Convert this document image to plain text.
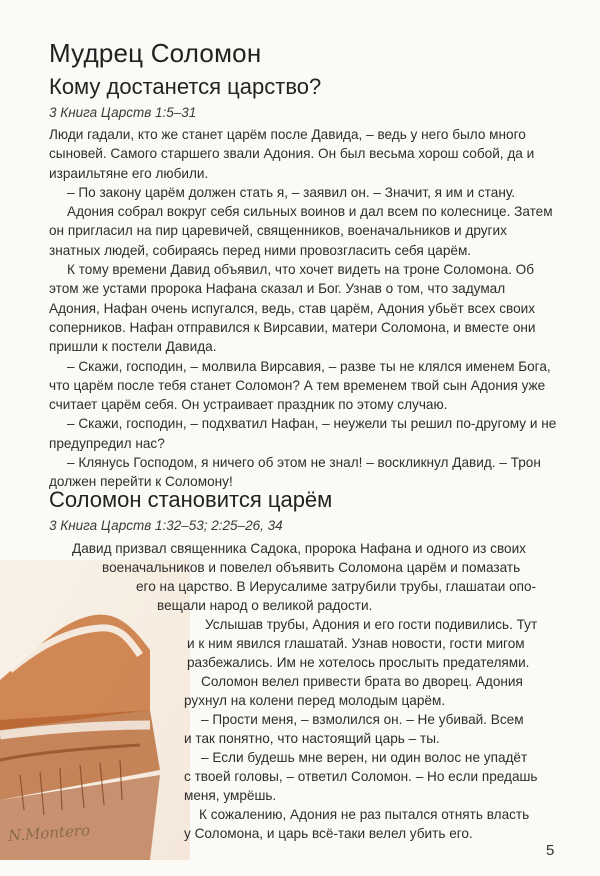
Мудрец Соломон
Кому достанется царство?
3 Книга Царств 1:5–31

Люди гадали, кто же станет царём после Давида, – ведь у него было много сыновей. Самого старшего звали Адония. Он был весьма хорош собой, да и израильтяне его любили.

– По закону царём должен стать я, – заявил он. – Значит, я им и стану.

Адония собрал вокруг себя сильных воинов и дал всем по колеснице. Затем он пригласил на пир царевичей, священников, военачальников и других знатных людей, собираясь перед ними провозгласить себя царём.

К тому времени Давид объявил, что хочет видеть на троне Соломона. Об этом же устами пророка Нафана сказал и Бог. Узнав о том, что задумал Адония, Нафан очень испугался, ведь, став царём, Адония убьёт всех своих соперников. Нафан отправился к Вирсавии, матери Соломона, и вместе они пришли к постели Давида.

– Скажи, господин, – молвила Вирсавия, – разве ты не клялся именем Бога, что царём после тебя станет Соломон? А тем временем твой сын Адония уже считает царём себя. Он устраивает праздник по этому случаю.

– Скажи, господин, – подхватил Нафан, – неужели ты решил по-другому и не предупредил нас?

– Клянусь Господом, я ничего об этом не знал! – воскликнул Давид. – Трон должен перейти к Соломону!

Соломон становится царём
3 Книга Царств 1:32–53; 2:25–26, 34
Давид призвал священника Садока, пророка Нафана и одного из своих
военачальников и повелел объявить Соломона царём и помазать
его на царство. В Иерусалиме затрубили трубы, глашатаи опо-
вещали народ о великой радости.
Услышав трубы, Адония и его гости подивились. Тут
и к ним явился глашатай. Узнав новости, гости мигом
разбежались. Им не хотелось прослыть предателями.
Соломон велел привести брата во дворец. Адония
рухнул на колени перед молодым царём.
– Прости меня, – взмолился он. – Не убивай. Всем
и так понятно, что настоящий царь – ты.
– Если будешь мне верен, ни один волос не упадёт
с твоей головы, – ответил Соломон. – Но если предашь
меня, умрёшь.
К сожалению, Адония не раз пытался отнять власть
у Соломона, и царь всё-таки велел убить его.
N.Montero
5
